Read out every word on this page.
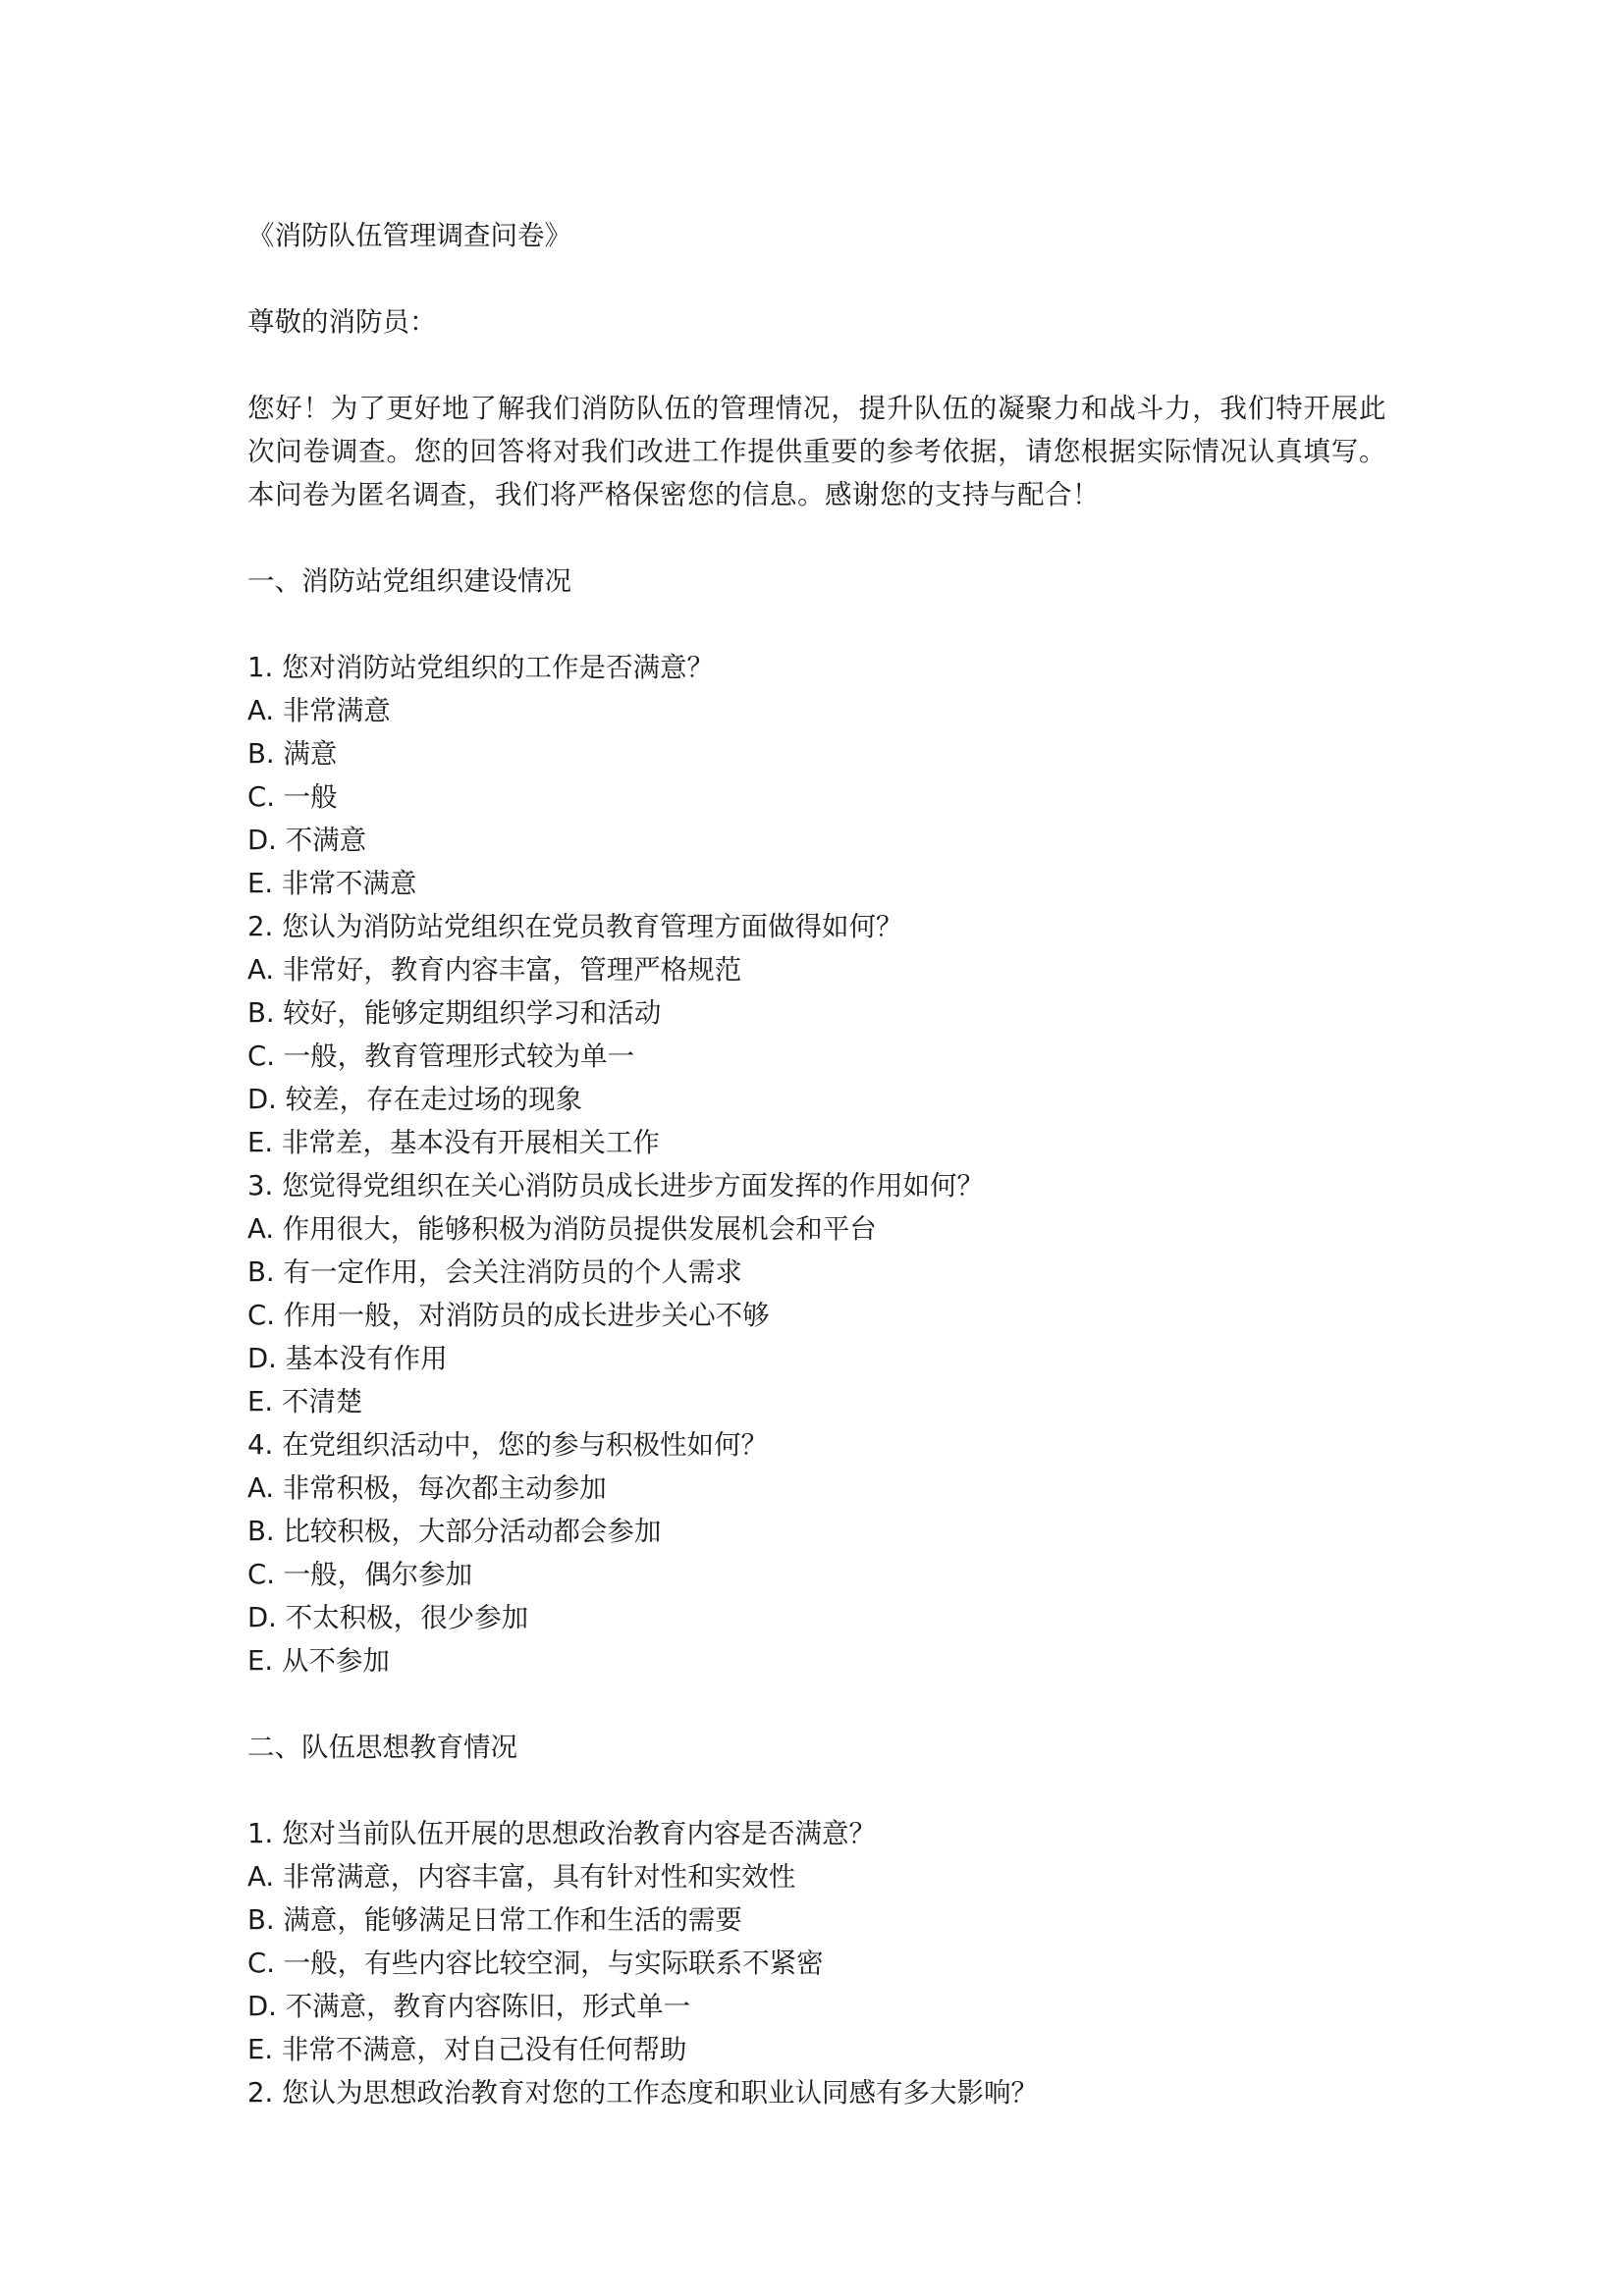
《消防队伍管理调查问卷》
尊敬的消防员：
您好！为了更好地了解我们消防队伍的管理情况，提升队伍的凝聚力和战斗力，我们特开展此次问卷调查。您的回答将对我们改进工作提供重要的参考依据，请您根据实际情况认真填写。本问卷为匿名调查，我们将严格保密您的信息。感谢您的支持与配合！
一、消防站党组织建设情况
1. 您对消防站党组织的工作是否满意？
A. 非常满意
B. 满意
C. 一般
D. 不满意
E. 非常不满意
2. 您认为消防站党组织在党员教育管理方面做得如何？
A. 非常好，教育内容丰富，管理严格规范
B. 较好，能够定期组织学习和活动
C. 一般，教育管理形式较为单一
D. 较差，存在走过场的现象
E. 非常差，基本没有开展相关工作
3. 您觉得党组织在关心消防员成长进步方面发挥的作用如何？
A. 作用很大，能够积极为消防员提供发展机会和平台
B. 有一定作用，会关注消防员的个人需求
C. 作用一般，对消防员的成长进步关心不够
D. 基本没有作用
E. 不清楚
4. 在党组织活动中，您的参与积极性如何？
A. 非常积极，每次都主动参加
B. 比较积极，大部分活动都会参加
C. 一般，偶尔参加
D. 不太积极，很少参加
E. 从不参加
二、队伍思想教育情况
1. 您对当前队伍开展的思想政治教育内容是否满意？
A. 非常满意，内容丰富，具有针对性和实效性
B. 满意，能够满足日常工作和生活的需要
C. 一般，有些内容比较空洞，与实际联系不紧密
D. 不满意，教育内容陈旧，形式单一
E. 非常不满意，对自己没有任何帮助
2. 您认为思想政治教育对您的工作态度和职业认同感有多大影响？
